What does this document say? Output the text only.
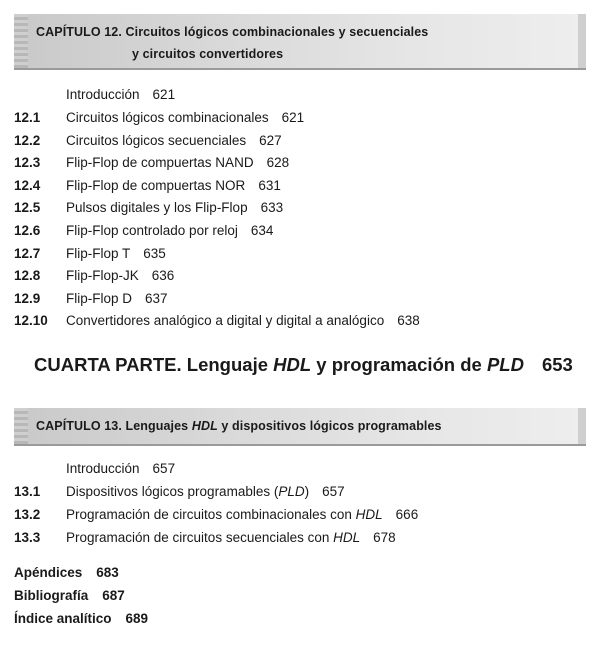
CAPÍTULO 12. Circuitos lógicos combinacionales y secuenciales
y circuitos convertidores
Introducción 621
12.1 Circuitos lógicos combinacionales 621
12.2 Circuitos lógicos secuenciales 627
12.3 Flip-Flop de compuertas NAND 628
12.4 Flip-Flop de compuertas NOR 631
12.5 Pulsos digitales y los Flip-Flop 633
12.6 Flip-Flop controlado por reloj 634
12.7 Flip-Flop T 635
12.8 Flip-Flop-JK 636
12.9 Flip-Flop D 637
12.10 Convertidores analógico a digital y digital a analógico 638
CUARTA PARTE. Lenguaje HDL y programación de PLD 653
CAPÍTULO 13. Lenguajes HDL y dispositivos lógicos programables
Introducción 657
13.1 Dispositivos lógicos programables (PLD) 657
13.2 Programación de circuitos combinacionales con HDL 666
13.3 Programación de circuitos secuenciales con HDL 678
Apéndices 683
Bibliografía 687
Índice analítico 689
